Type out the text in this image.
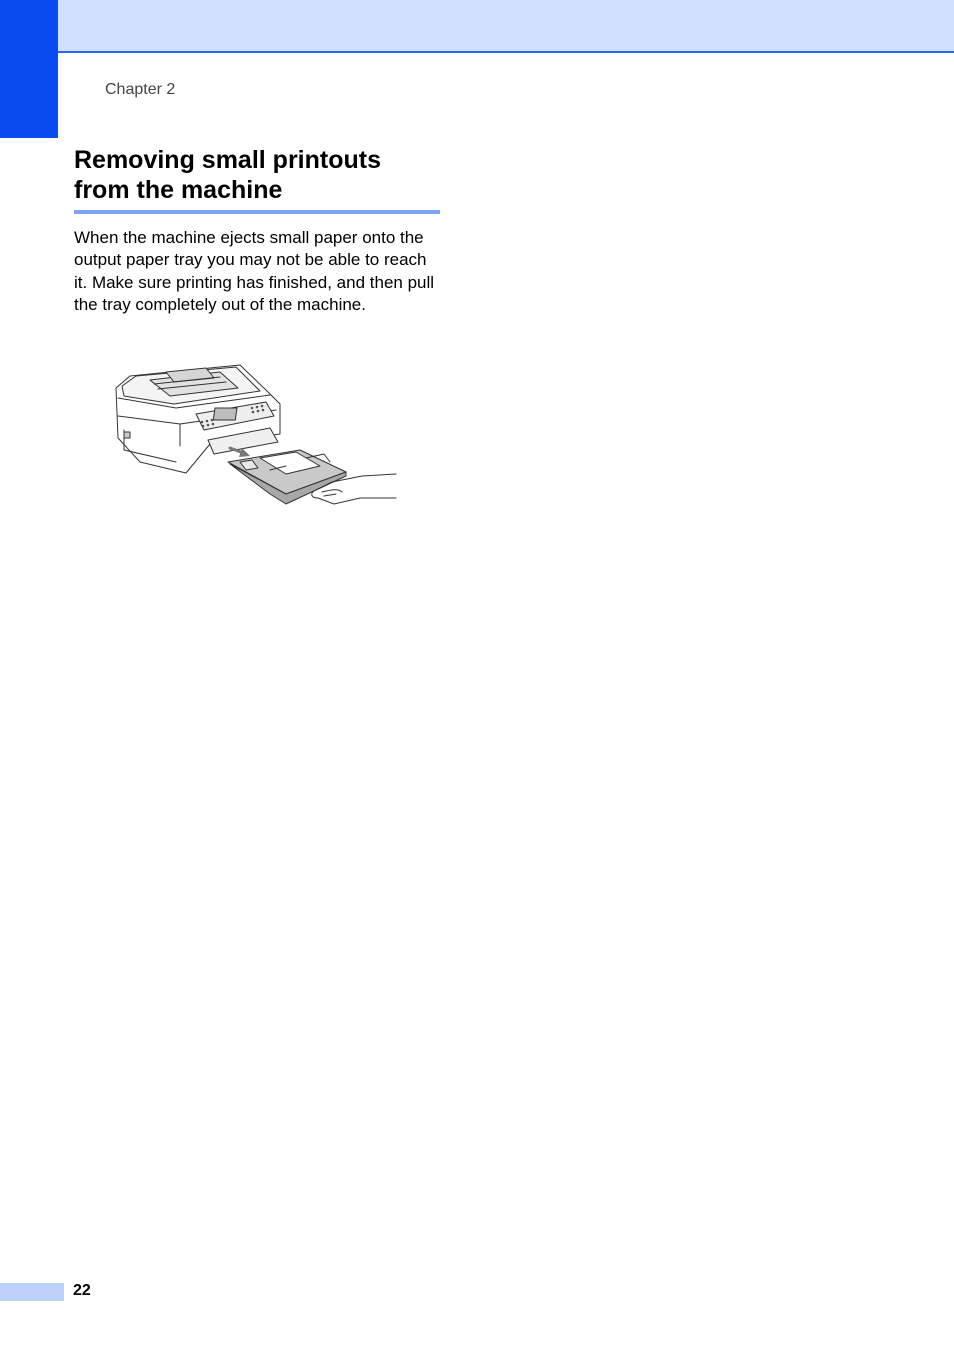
Chapter 2
Removing small printouts from the machine

When the machine ejects small paper onto the output paper tray you may not be able to reach it. Make sure printing has finished, and then pull the tray completely out of the machine.

22
